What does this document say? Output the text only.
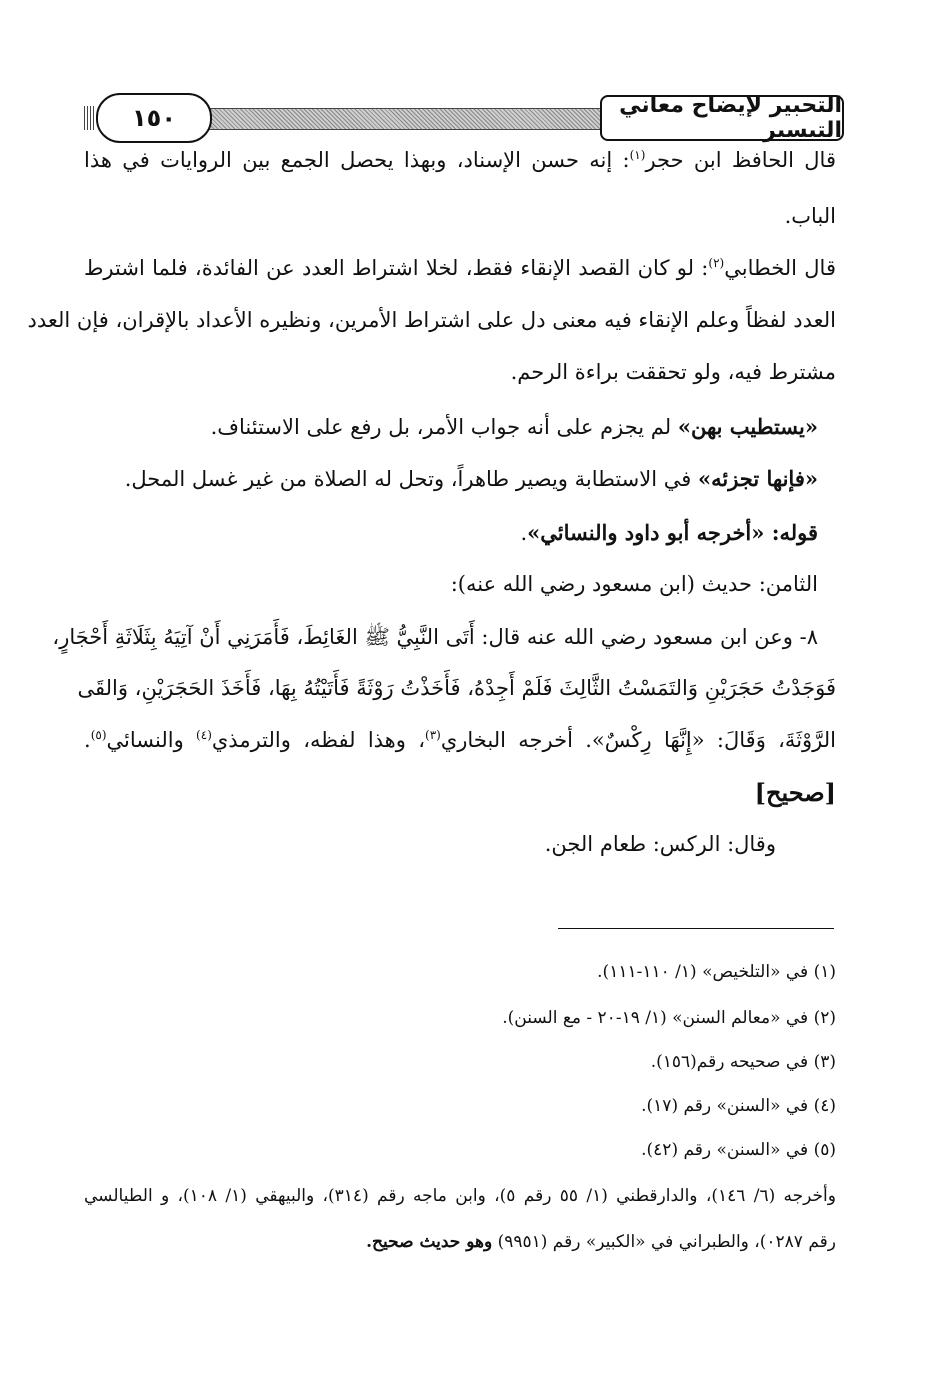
١٥٠	التحبير لإيضاح معاني التيسير
قال الحافظ ابن حجر$^{(١)}$: إنه حسن الإسناد، وبهذا يحصل الجمع بين الروايات في هذا
الباب.
قال الخطابي$^{(٢)}$: لو كان القصد الإنقاء فقط، لخلا اشتراط العدد عن الفائدة، فلما اشترط
العدد لفظاً وعلم الإنقاء فيه معنى دل على اشتراط الأمرين، ونظيره الأعداد بالإقران، فإن العدد
مشترط فيه، ولو تحققت براءة الرحم.
«يستطيب بهن» لم يجزم على أنه جواب الأمر، بل رفع على الاستئناف.
«فإنها تجزئه» في الاستطابة ويصير طاهراً، وتحل له الصلاة من غير غسل المحل.
قوله: «أخرجه أبو داود والنسائي».
الثامن: حديث (ابن مسعود رضي الله عنه):
٨- وعن ابن مسعود رضي الله عنه قال: أَتَى النَّبِيُّ ﷺ الغَائِطَ، فَأَمَرَنِي أَنْ آتِيَهُ بِثَلَاثَةِ أَحْجَارٍ،
فَوَجَدْتُ حَجَرَيْنِ وَالتَمَسْتُ الثَّالِثَ فَلَمْ أَجِدْهُ، فَأَخَذْتُ رَوْثَةً فَأَتَيْتُهُ بِهَا، فَأَخَذَ الحَجَرَيْنِ، وَالقَى
الرَّوْثَةَ، وَقَالَ: «إِنَّهَا رِكْسٌ». أخرجه البخاري$^{(٣)}$، وهذا لفظه، والترمذي$^{(٤)}$ والنسائي$^{(٥)}$.
[صحيح]
وقال: الركس: طعام الجن.
(١) في «التلخيص» (١/ ١١٠-١١١).
(٢) في «معالم السنن» (١/ ١٩-٢٠ - مع السنن).
(٣) في صحيحه رقم(١٥٦).
(٤) في «السنن» رقم (١٧).
(٥) في «السنن» رقم (٤٢).
وأخرجه (٦/ ١٤٦)، والدارقطني (١/ ٥٥ رقم ٥)، وابن ماجه رقم (٣١٤)، والبيهقي (١/ ١٠٨)، و الطيالسي
رقم ٠٢٨٧)، والطبراني في «الكبير» رقم (٩٩٥١) وهو حديث صحيح.
